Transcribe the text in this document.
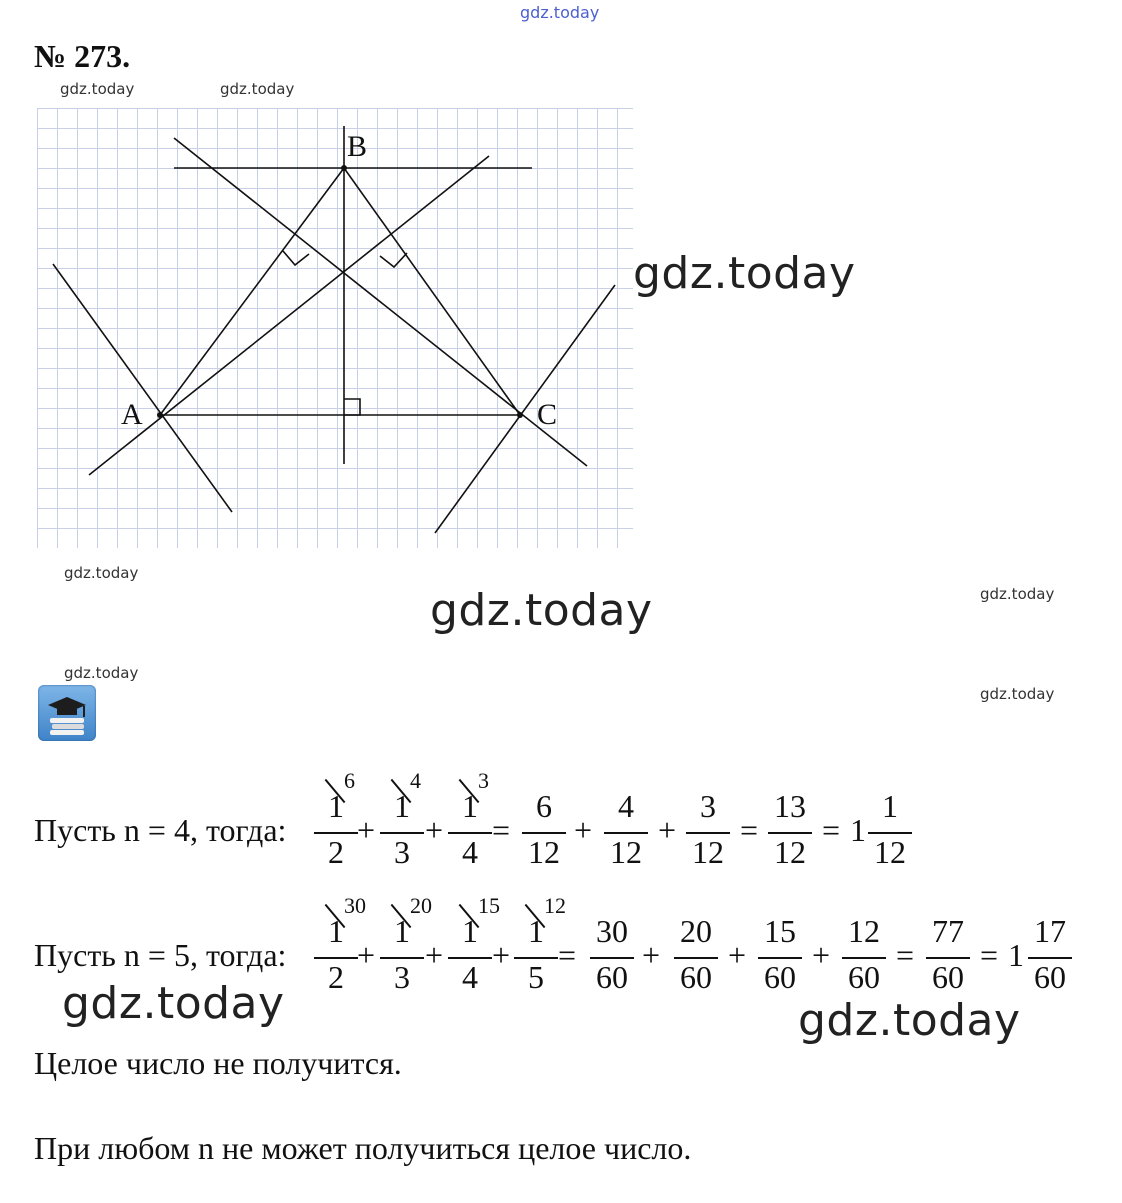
gdz.today
gdz.today	gdz.today
gdz.today
gdz.today
gdz.today
gdz.today
gdz.today
gdz.today
gdz.today	gdz.today
№ 273.
A
B
C
Пусть n = 4, тогда:
6
1
2
+
4
1
3
+
3
1
4
=
6
12
+
4
12
+
3
12
=
13
12
= 1
1
12
Пусть n = 5, тогда:
30
1
2
+
20
1
3
+
15
1
4
+
12
1
5
=
30
60
+
20
60
+
15
60
+
12
60
=
77
60
= 1
17
60
Целое число не получится.
При любом n не может получиться целое число.
